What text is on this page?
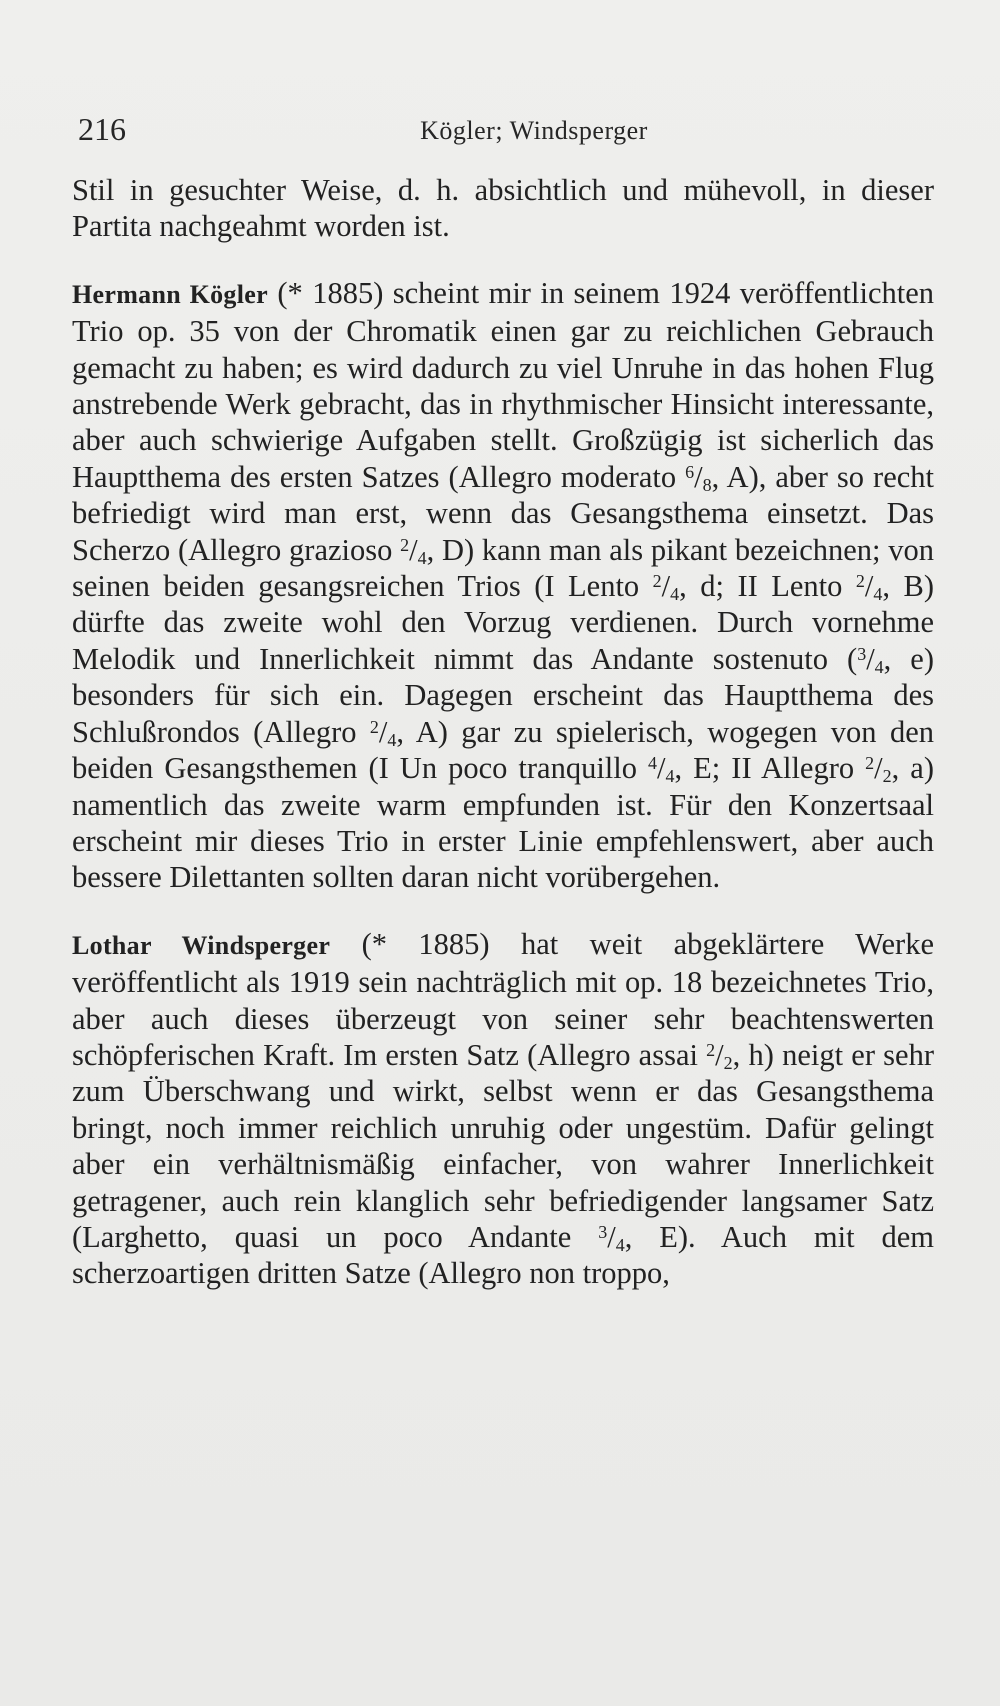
216	Kögler; Windsperger

Stil in gesuchter Weise, d. h. absichtlich und mühevoll, in dieser Partita nachgeahmt worden ist.

Hermann Kögler (* 1885) scheint mir in seinem 1924 veröffentlichten Trio op. 35 von der Chromatik einen gar zu reichlichen Gebrauch gemacht zu haben; es wird dadurch zu viel Unruhe in das hohen Flug anstrebende Werk gebracht, das in rhythmischer Hinsicht interessante, aber auch schwierige Aufgaben stellt. Großzügig ist sicherlich das Hauptthema des ersten Satzes (Allegro moderato $^6/_8$, A), aber so recht befriedigt wird man erst, wenn das Gesangsthema einsetzt. Das Scherzo (Allegro grazioso $^2/_4$, D) kann man als pikant bezeichnen; von seinen beiden gesangsreichen Trios (I Lento $^2/_4$, d; II Lento $^2/_4$, B) dürfte das zweite wohl den Vorzug verdienen. Durch vornehme Melodik und Innerlichkeit nimmt das Andante sostenuto ($^3/_4$, e) besonders für sich ein. Dagegen erscheint das Hauptthema des Schlußrondos (Allegro $^2/_4$, A) gar zu spielerisch, wogegen von den beiden Gesangsthemen (I Un poco tranquillo $^4/_4$, E; II Allegro $^2/_2$, a) namentlich das zweite warm empfunden ist. Für den Konzertsaal erscheint mir dieses Trio in erster Linie empfehlenswert, aber auch bessere Dilettanten sollten daran nicht vorübergehen.

Lothar Windsperger (* 1885) hat weit abgeklärtere Werke veröffentlicht als 1919 sein nachträglich mit op. 18 bezeichnetes Trio, aber auch dieses überzeugt von seiner sehr beachtenswerten schöpferischen Kraft. Im ersten Satz (Allegro assai $^2/_2$, h) neigt er sehr zum Überschwang und wirkt, selbst wenn er das Gesangsthema bringt, noch immer reichlich unruhig oder ungestüm. Dafür gelingt aber ein verhältnismäßig einfacher, von wahrer Innerlichkeit getragener, auch rein klanglich sehr befriedigender langsamer Satz (Larghetto, quasi un poco Andante $^3/_4$, E). Auch mit dem scherzoartigen dritten Satze (Allegro non troppo,
